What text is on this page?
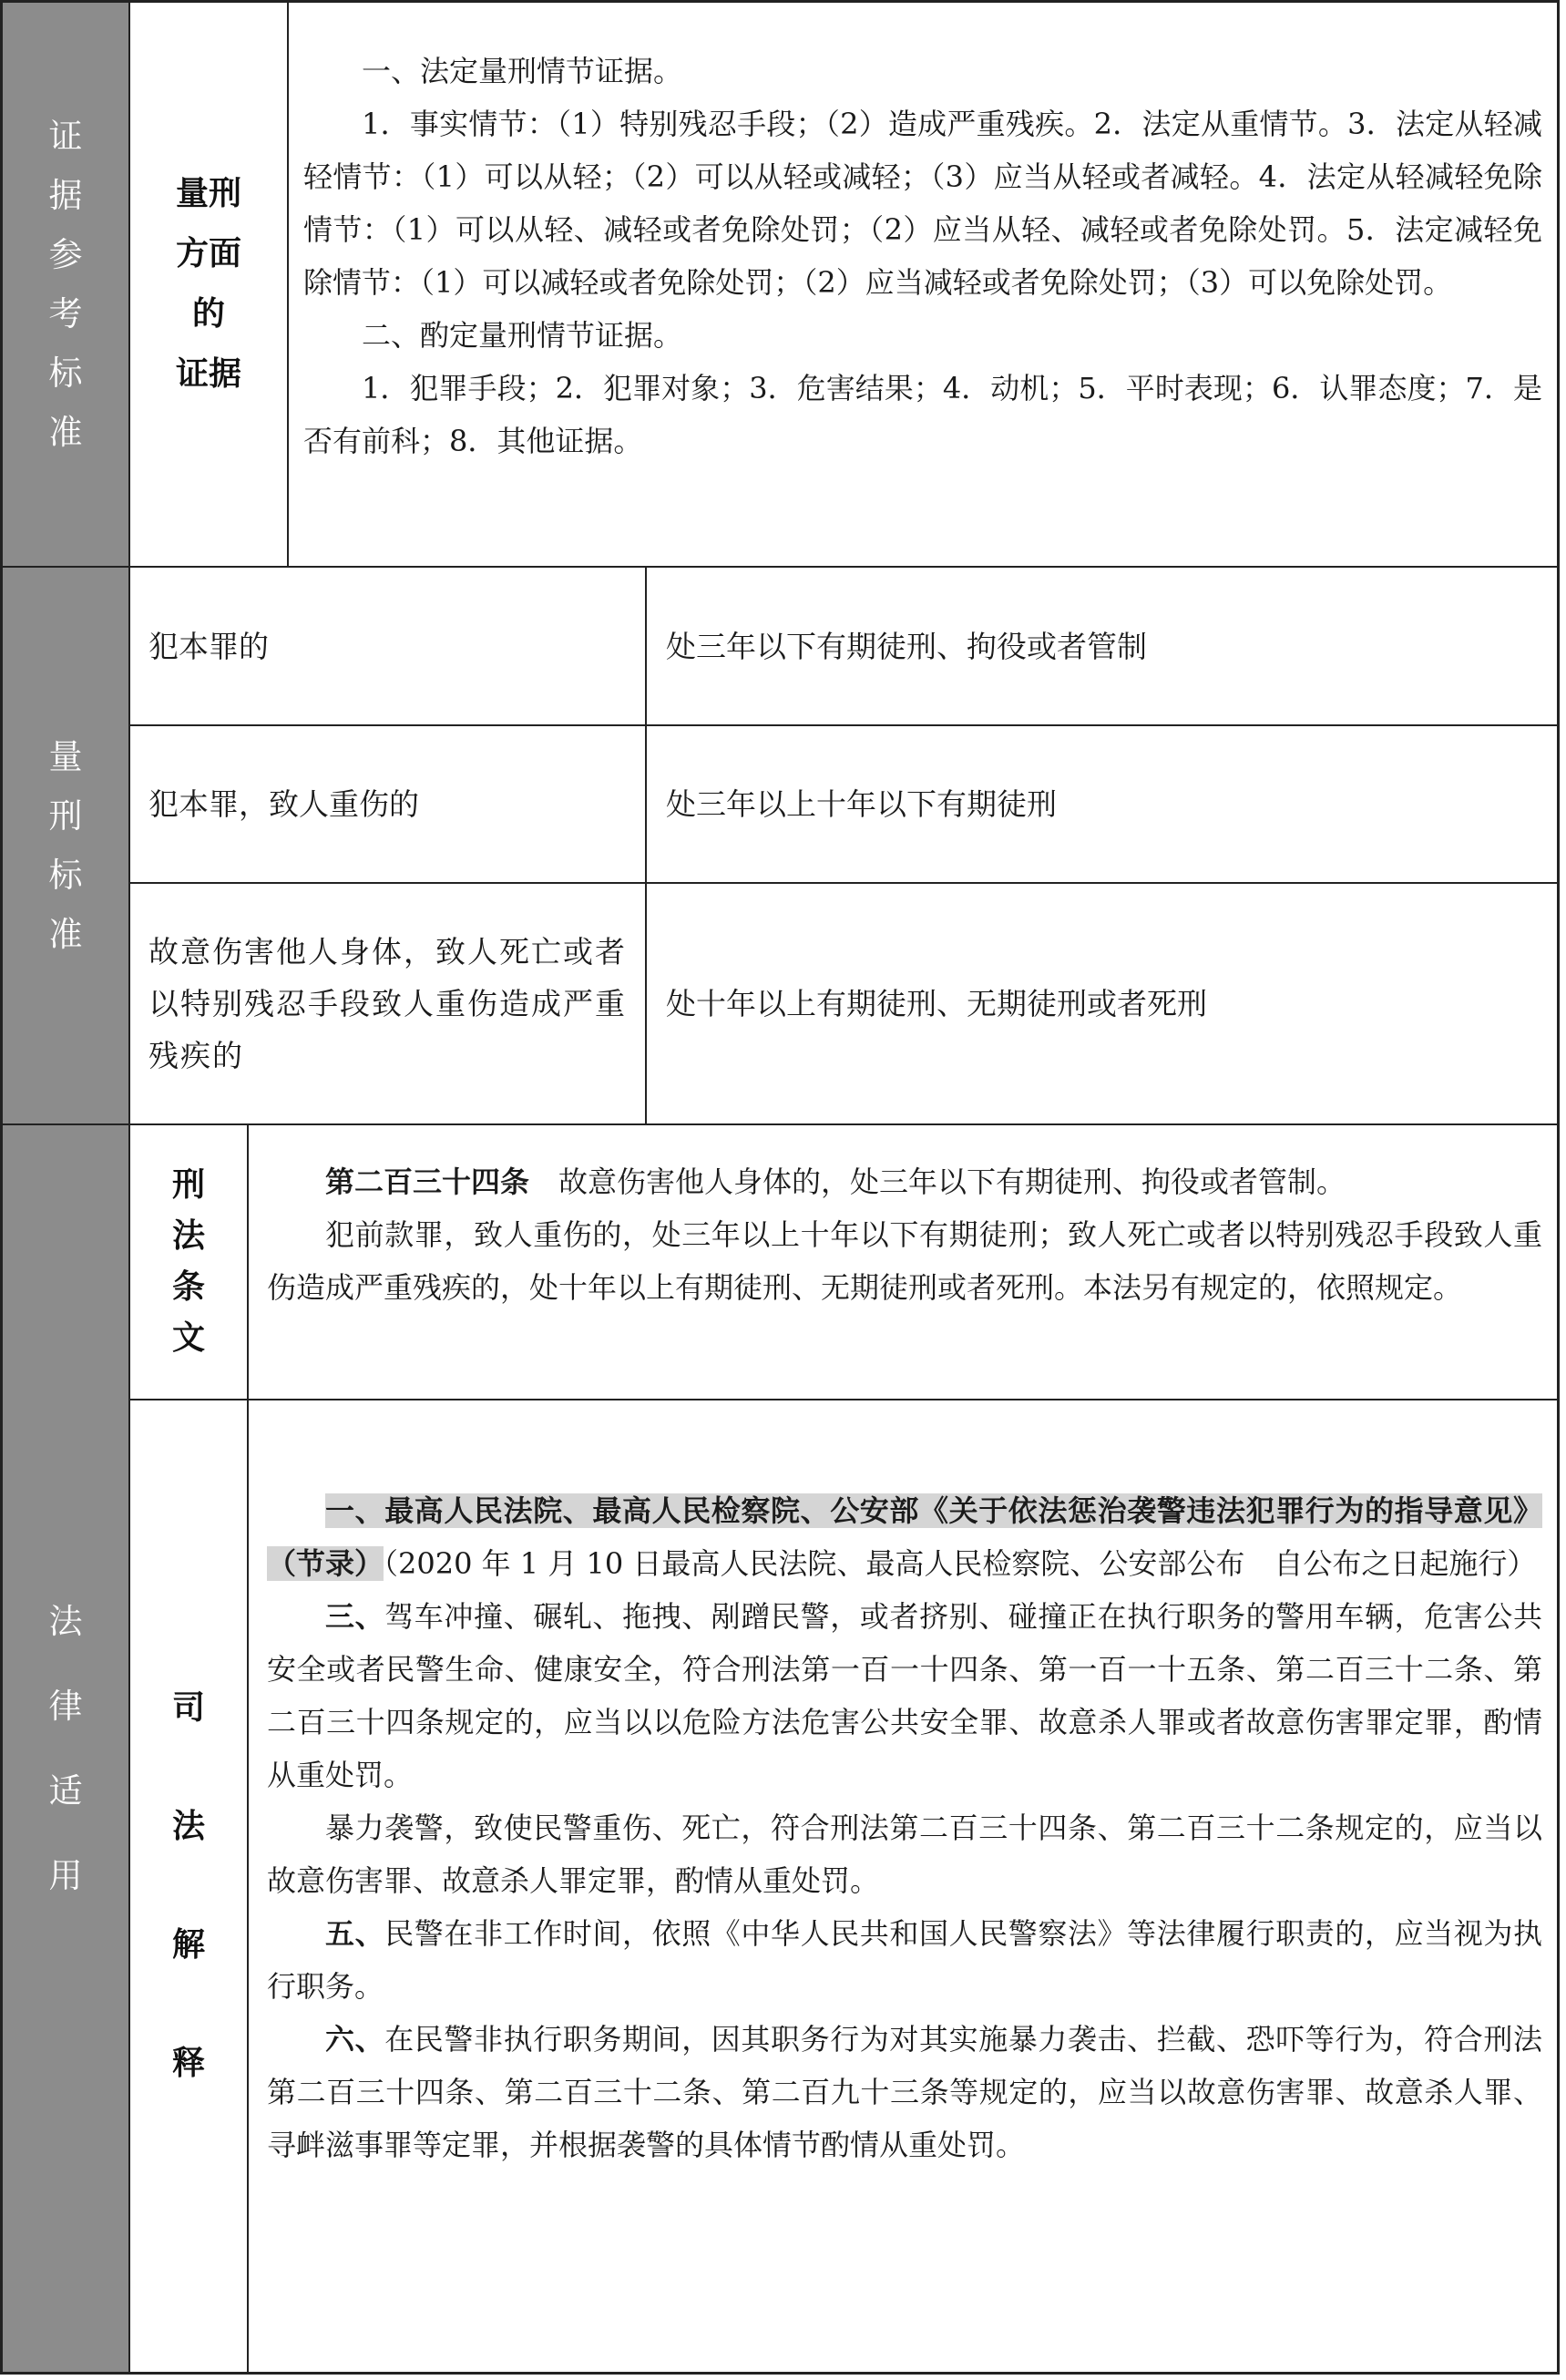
证
据
参
考
标
准
量
刑
标
准
法
律
适
用
量刑
方面
的
证据

一、法定量刑情节证据。

1．事实情节：（1）特别残忍手段；（2）造成严重残疾。2．法定从重情节。3．法定从轻减轻情节：（1）可以从轻；（2）可以从轻或减轻；（3）应当从轻或者减轻。4．法定从轻减轻免除情节：（1）可以从轻、减轻或者免除处罚；（2）应当从轻、减轻或者免除处罚。5．法定减轻免除情节：（1）可以减轻或者免除处罚；（2）应当减轻或者免除处罚；（3）可以免除处罚。

二、酌定量刑情节证据。

1．犯罪手段；2．犯罪对象；3．危害结果；4．动机；5．平时表现；6．认罪态度；7．是否有前科；8．其他证据。

犯本罪的	处三年以下有期徒刑、拘役或者管制
犯本罪，致人重伤的	处三年以上十年以下有期徒刑
故意伤害他人身体，致人死亡或者以特别残忍手段致人重伤造成严重残疾的
处十年以上有期徒刑、无期徒刑或者死刑
刑
法
条
文

第二百三十四条　 故意伤害他人身体的，处三年以下有期徒刑、拘役或者管制。

犯前款罪，致人重伤的，处三年以上十年以下有期徒刑；致人死亡或者以特别残忍手段致人重伤造成严重残疾的，处十年以上有期徒刑、无期徒刑或者死刑。本法另有规定的，依照规定。

司
法
解
释

一、最高人民法院、最高人民检察院、公安部《关于依法惩治袭警违法犯罪行为的指导意见》（节录）（2020 年 1 月 10 日最高人民法院、最高人民检察院、公安部公布　自公布之日起施行）

三、驾车冲撞、碾轧、拖拽、剐蹭民警，或者挤别、碰撞正在执行职务的警用车辆，危害公共安全或者民警生命、健康安全，符合刑法第一百一十四条、第一百一十五条、第二百三十二条、第二百三十四条规定的，应当以以危险方法危害公共安全罪、故意杀人罪或者故意伤害罪定罪，酌情从重处罚。

暴力袭警，致使民警重伤、死亡，符合刑法第二百三十四条、第二百三十二条规定的，应当以故意伤害罪、故意杀人罪定罪，酌情从重处罚。

五、民警在非工作时间，依照《中华人民共和国人民警察法》等法律履行职责的，应当视为执行职务。

六、在民警非执行职务期间，因其职务行为对其实施暴力袭击、拦截、恐吓等行为，符合刑法第二百三十四条、第二百三十二条、第二百九十三条等规定的，应当以故意伤害罪、故意杀人罪、寻衅滋事罪等定罪，并根据袭警的具体情节酌情从重处罚。
